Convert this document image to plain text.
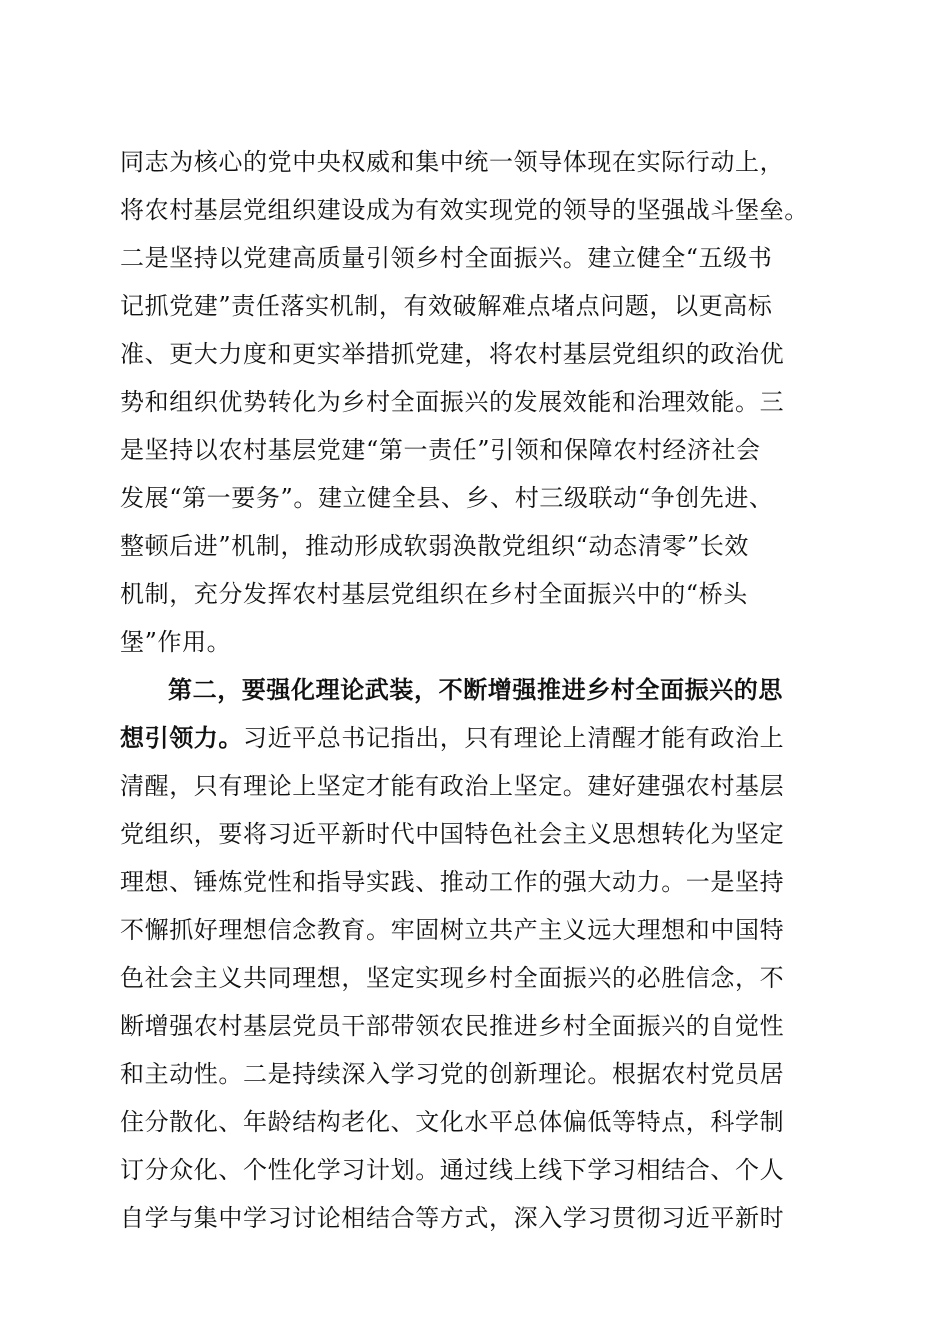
同志为核心的党中央权威和集中统一领导体现在实际行动上，
将农村基层党组织建设成为有效实现党的领导的坚强战斗堡垒。
二是坚持以党建高质量引领乡村全面振兴。建立健全“五级书
记抓党建”责任落实机制，有效破解难点堵点问题，以更高标
准、更大力度和更实举措抓党建，将农村基层党组织的政治优
势和组织优势转化为乡村全面振兴的发展效能和治理效能。三
是坚持以农村基层党建“第一责任”引领和保障农村经济社会
发展“第一要务”。建立健全县、乡、村三级联动“争创先进、
整顿后进”机制，推动形成软弱涣散党组织“动态清零”长效
机制，充分发挥农村基层党组织在乡村全面振兴中的“桥头
堡”作用。
第二，要强化理论武装，不断增强推进乡村全面振兴的思
想引领力。习近平总书记指出，只有理论上清醒才能有政治上
清醒，只有理论上坚定才能有政治上坚定。建好建强农村基层
党组织，要将习近平新时代中国特色社会主义思想转化为坚定
理想、锤炼党性和指导实践、推动工作的强大动力。一是坚持
不懈抓好理想信念教育。牢固树立共产主义远大理想和中国特
色社会主义共同理想，坚定实现乡村全面振兴的必胜信念，不
断增强农村基层党员干部带领农民推进乡村全面振兴的自觉性
和主动性。二是持续深入学习党的创新理论。根据农村党员居
住分散化、年龄结构老化、文化水平总体偏低等特点，科学制
订分众化、个性化学习计划。通过线上线下学习相结合、个人
自学与集中学习讨论相结合等方式，深入学习贯彻习近平新时
